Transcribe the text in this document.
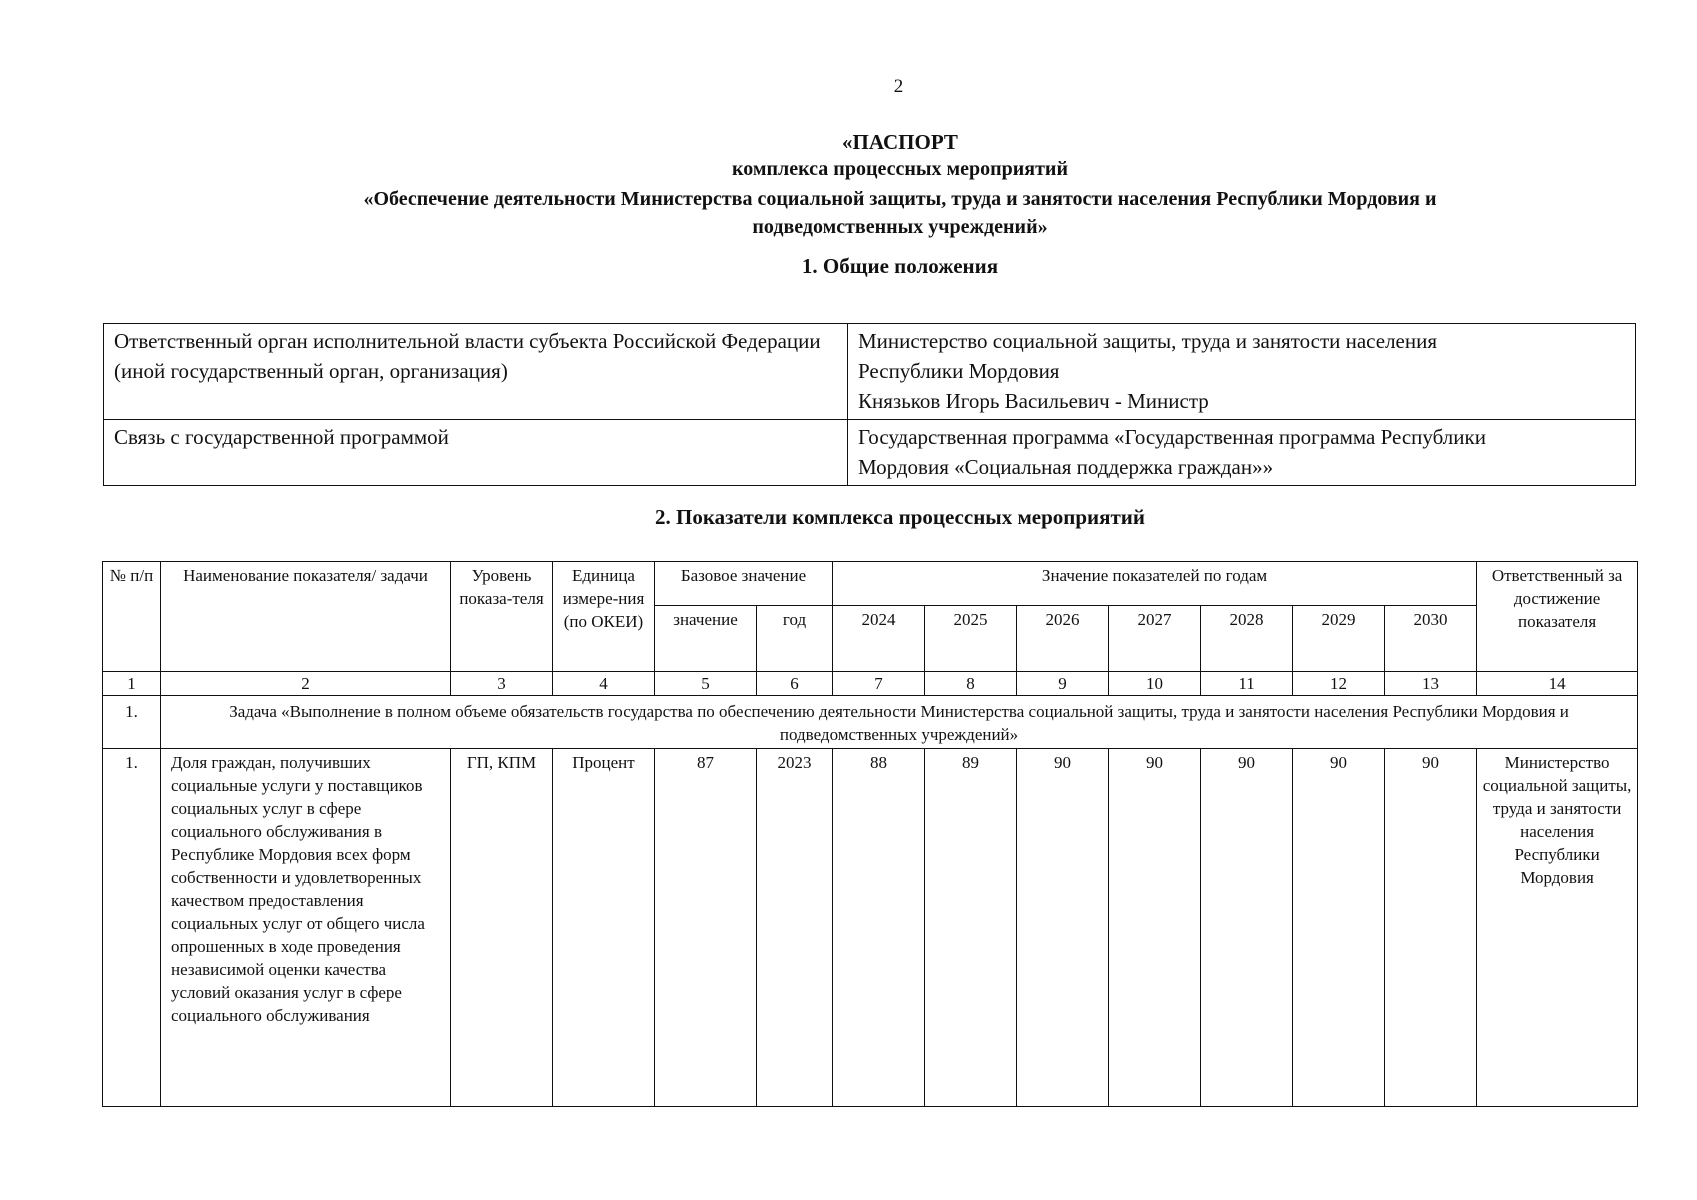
2
«ПАСПОРТ
комплекса процессных мероприятий
«Обеспечение деятельности Министерства социальной защиты, труда и занятости населения Республики Мордовия и
подведомственных учреждений»
1. Общие положения
Ответственный орган исполнительной власти субъекта Российской Федерации (иной государственный орган, организация)	Министерство социальной защиты, труда и занятости населения
Республики Мордовия
Князьков Игорь Васильевич - Министр

Связь с государственной программой	Государственная программа «Государственная программа Республики
Мордовия «Социальная поддержка граждан»»
2. Показатели комплекса процессных мероприятий
№ п/п	Наименование показателя/ задачи	Уровень показа-теля	Единица измере-ния (по ОКЕИ)	Базовое значение		Значение показателей по годам							Ответственный за достижение показателя
				значение	год	2024	2025	2026	2027	2028	2029	2030	
1	2	3	4	5	6	7	8	9	10	11	12	13	14
1.	Задача «Выполнение в полном объеме обязательств государства по обеспечению деятельности Министерства социальной защиты, труда и занятости населения Республики Мордовия и подведомственных учреждений»												
1.	Доля граждан, получивших социальные услуги у поставщиков социальных услуг в сфере социального обслуживания в Республике Мордовия всех форм собственности и удовлетворенных качеством предоставления социальных услуг от общего числа опрошенных в ходе проведения независимой оценки качества условий оказания услуг в сфере социального обслуживания	ГП, КПМ	Процент	87	2023	88	89	90	90	90	90	90	Министерство социальной защиты, труда и занятости населения Республики Мордовия
